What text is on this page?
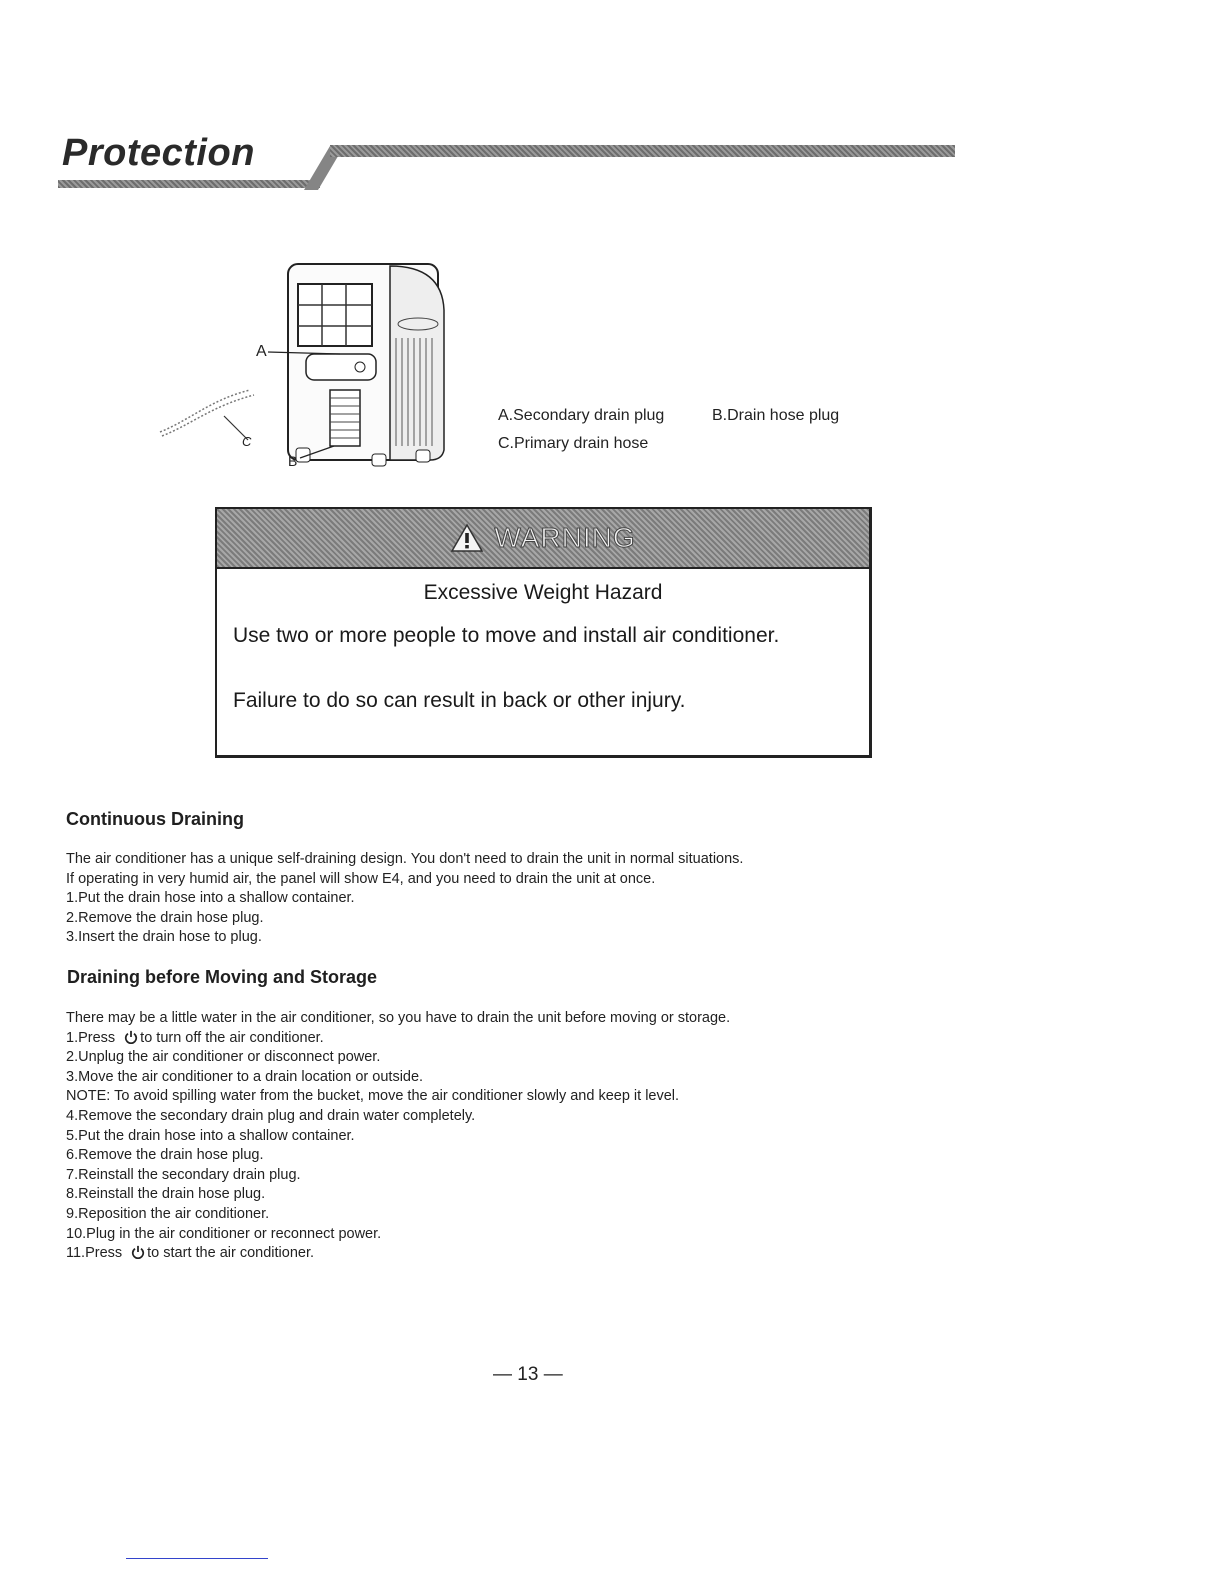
Protection
A
C
B
A.Secondary drain plug	B.Drain hose plug
C.Primary drain hose
WARNING
Excessive Weight Hazard
Use two or more people to move and install air conditioner.
Failure to do so can result in back or other injury.
Continuous Draining
The air conditioner has a unique self-draining design. You don't need to drain the unit in normal situations.
If operating in very humid air, the panel will show E4, and you need to drain the unit at once.
1.Put the drain hose into a shallow container.
2.Remove the drain hose plug.
3.Insert the drain hose to plug.
Draining before Moving and Storage
There may be a little water in the air conditioner, so you have to drain the unit before moving or storage.
1.Press to turn off the air conditioner.
2.Unplug the air conditioner or disconnect power.
3.Move the air conditioner to a drain location or outside.
NOTE: To avoid spilling water from the bucket, move the air conditioner slowly and keep it level.
4.Remove the secondary drain plug and drain water completely.
5.Put the drain hose into a shallow container.
6.Remove the drain hose plug.
7.Reinstall the secondary drain plug.
8.Reinstall the drain hose plug.
9.Reposition the air conditioner.
10.Plug in the air conditioner or reconnect power.
11.Press to start the air conditioner.
— 13 —
